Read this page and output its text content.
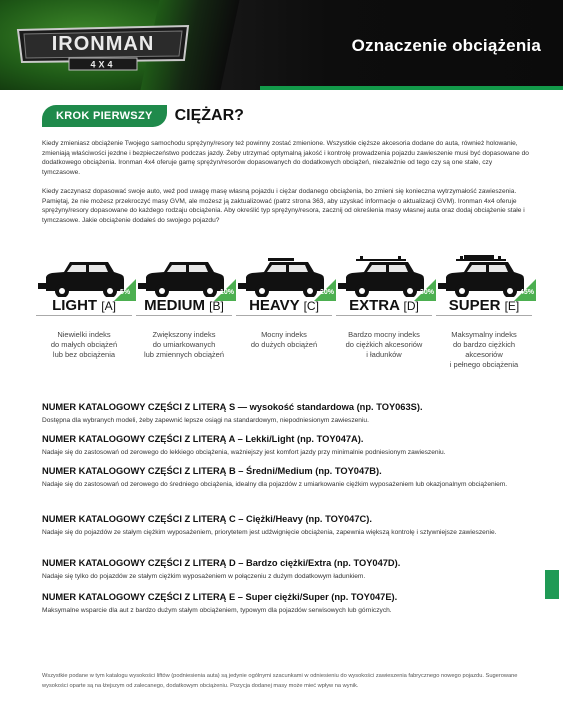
IRONMAN
4X4
Oznaczenie obciążenia
KROK PIERWSZY	CIĘŻAR?
Kiedy zmieniasz obciążenie Twojego samochodu sprężyny/resory też powinny zostać zmienione. Wszystkie cięższe akcesoria dodane do auta, również holowanie, zmieniają właściwości jezdne i bezpieczeństwo podczas jazdy. Żeby utrzymać optymalną jakość i kontrolę prowadzenia pojazdu zawieszenie musi być dopasowane do dodatkowego obciążenia. Ironman 4x4 oferuje gamę sprężyn/resorów dopasowanych do dodatkowych obciążeń, niezależnie od tego czy są one stałe, czy tymczasowe.
Kiedy zaczynasz dopasować swoje auto, weź pod uwagę masę własną pojazdu i ciężar dodanego obciążenia, bo zmieni się konieczna wytrzymałość zawieszenia. Pamiętaj, że nie możesz przekroczyć masy GVM, ale możesz ją zaktualizować (patrz strona 363, aby uzyskać informacje o aktualizacji GVM). Ironman 4x4 oferuje sprężyny/resory dopasowane do każdego rodzaju obciążenia. Aby określić typ sprężyny/resora, zacznij od określenia masy własnej auta oraz dodaj obciążenie stałe i tymczasowe. Jakie obciążenie dodałeś do swojego pojazdu?
5%
LIGHT [A]
Niewielki indeks
do małych obciążeń
lub bez obciążenia
10%
MEDIUM [B]
Zwiększony indeks
do umiarkowanych
lub zmiennych obciążeń
20%
HEAVY [C]
Mocny indeks
do dużych obciążeń
30%
EXTRA [D]
Bardzo mocny indeks
do ciężkich akcesoriów
i ładunków
45%
SUPER [E]
Maksymalny indeks
do bardzo ciężkich akcesoriów
i pełnego obciążenia
NUMER KATALOGOWY CZĘŚCI Z LITERĄ S — wysokość standardowa (np. TOY063S).
Dostępna dla wybranych modeli, żeby zapewnić lepsze osiągi na standardowym, niepodniesionym zawieszeniu.
NUMER KATALOGOWY CZĘŚCI Z LITERĄ A – Lekki/Light (np. TOY047A).
Nadaje się do zastosowań od zerowego do lekkiego obciążenia, ważniejszy jest komfort jazdy przy minimalnie podniesionym zawieszeniu.
NUMER KATALOGOWY CZĘŚCI Z LITERĄ B – Średni/Medium (np. TOY047B).
Nadaje się do zastosowań od zerowego do średniego obciążenia, idealny dla pojazdów z umiarkowanie ciężkim wyposażeniem lub okazjonalnym obciążeniem.
NUMER KATALOGOWY CZĘŚCI Z LITERĄ C – Ciężki/Heavy (np. TOY047C).
Nadaje się do pojazdów ze stałym ciężkim wyposażeniem, priorytetem jest udźwignięcie obciążenia, zapewnia większą kontrolę i sztywniejsze zawieszenie.
NUMER KATALOGOWY CZĘŚCI Z LITERĄ D – Bardzo ciężki/Extra (np. TOY047D).
Nadaje się tylko do pojazdów ze stałym ciężkim wyposażeniem w połączeniu z dużym dodatkowym ładunkiem.
NUMER KATALOGOWY CZĘŚCI Z LITERĄ E – Super ciężki/Super (np. TOY047E).
Maksymalne wsparcie dla aut z bardzo dużym stałym obciążeniem, typowym dla pojazdów serwisowych lub górniczych.
Wszystkie podane w tym katalogu wysokości liftów (podniesienia auta) są jedynie ogólnymi szacunkami w odniesieniu do wysokości zawieszenia fabrycznego nowego pojazdu. Sugerowane wysokości oparte są na łżejszym od zalecanego, dodatkowym obciążeniu. Pozycja dodanej masy może mieć wpływ na wynik.
